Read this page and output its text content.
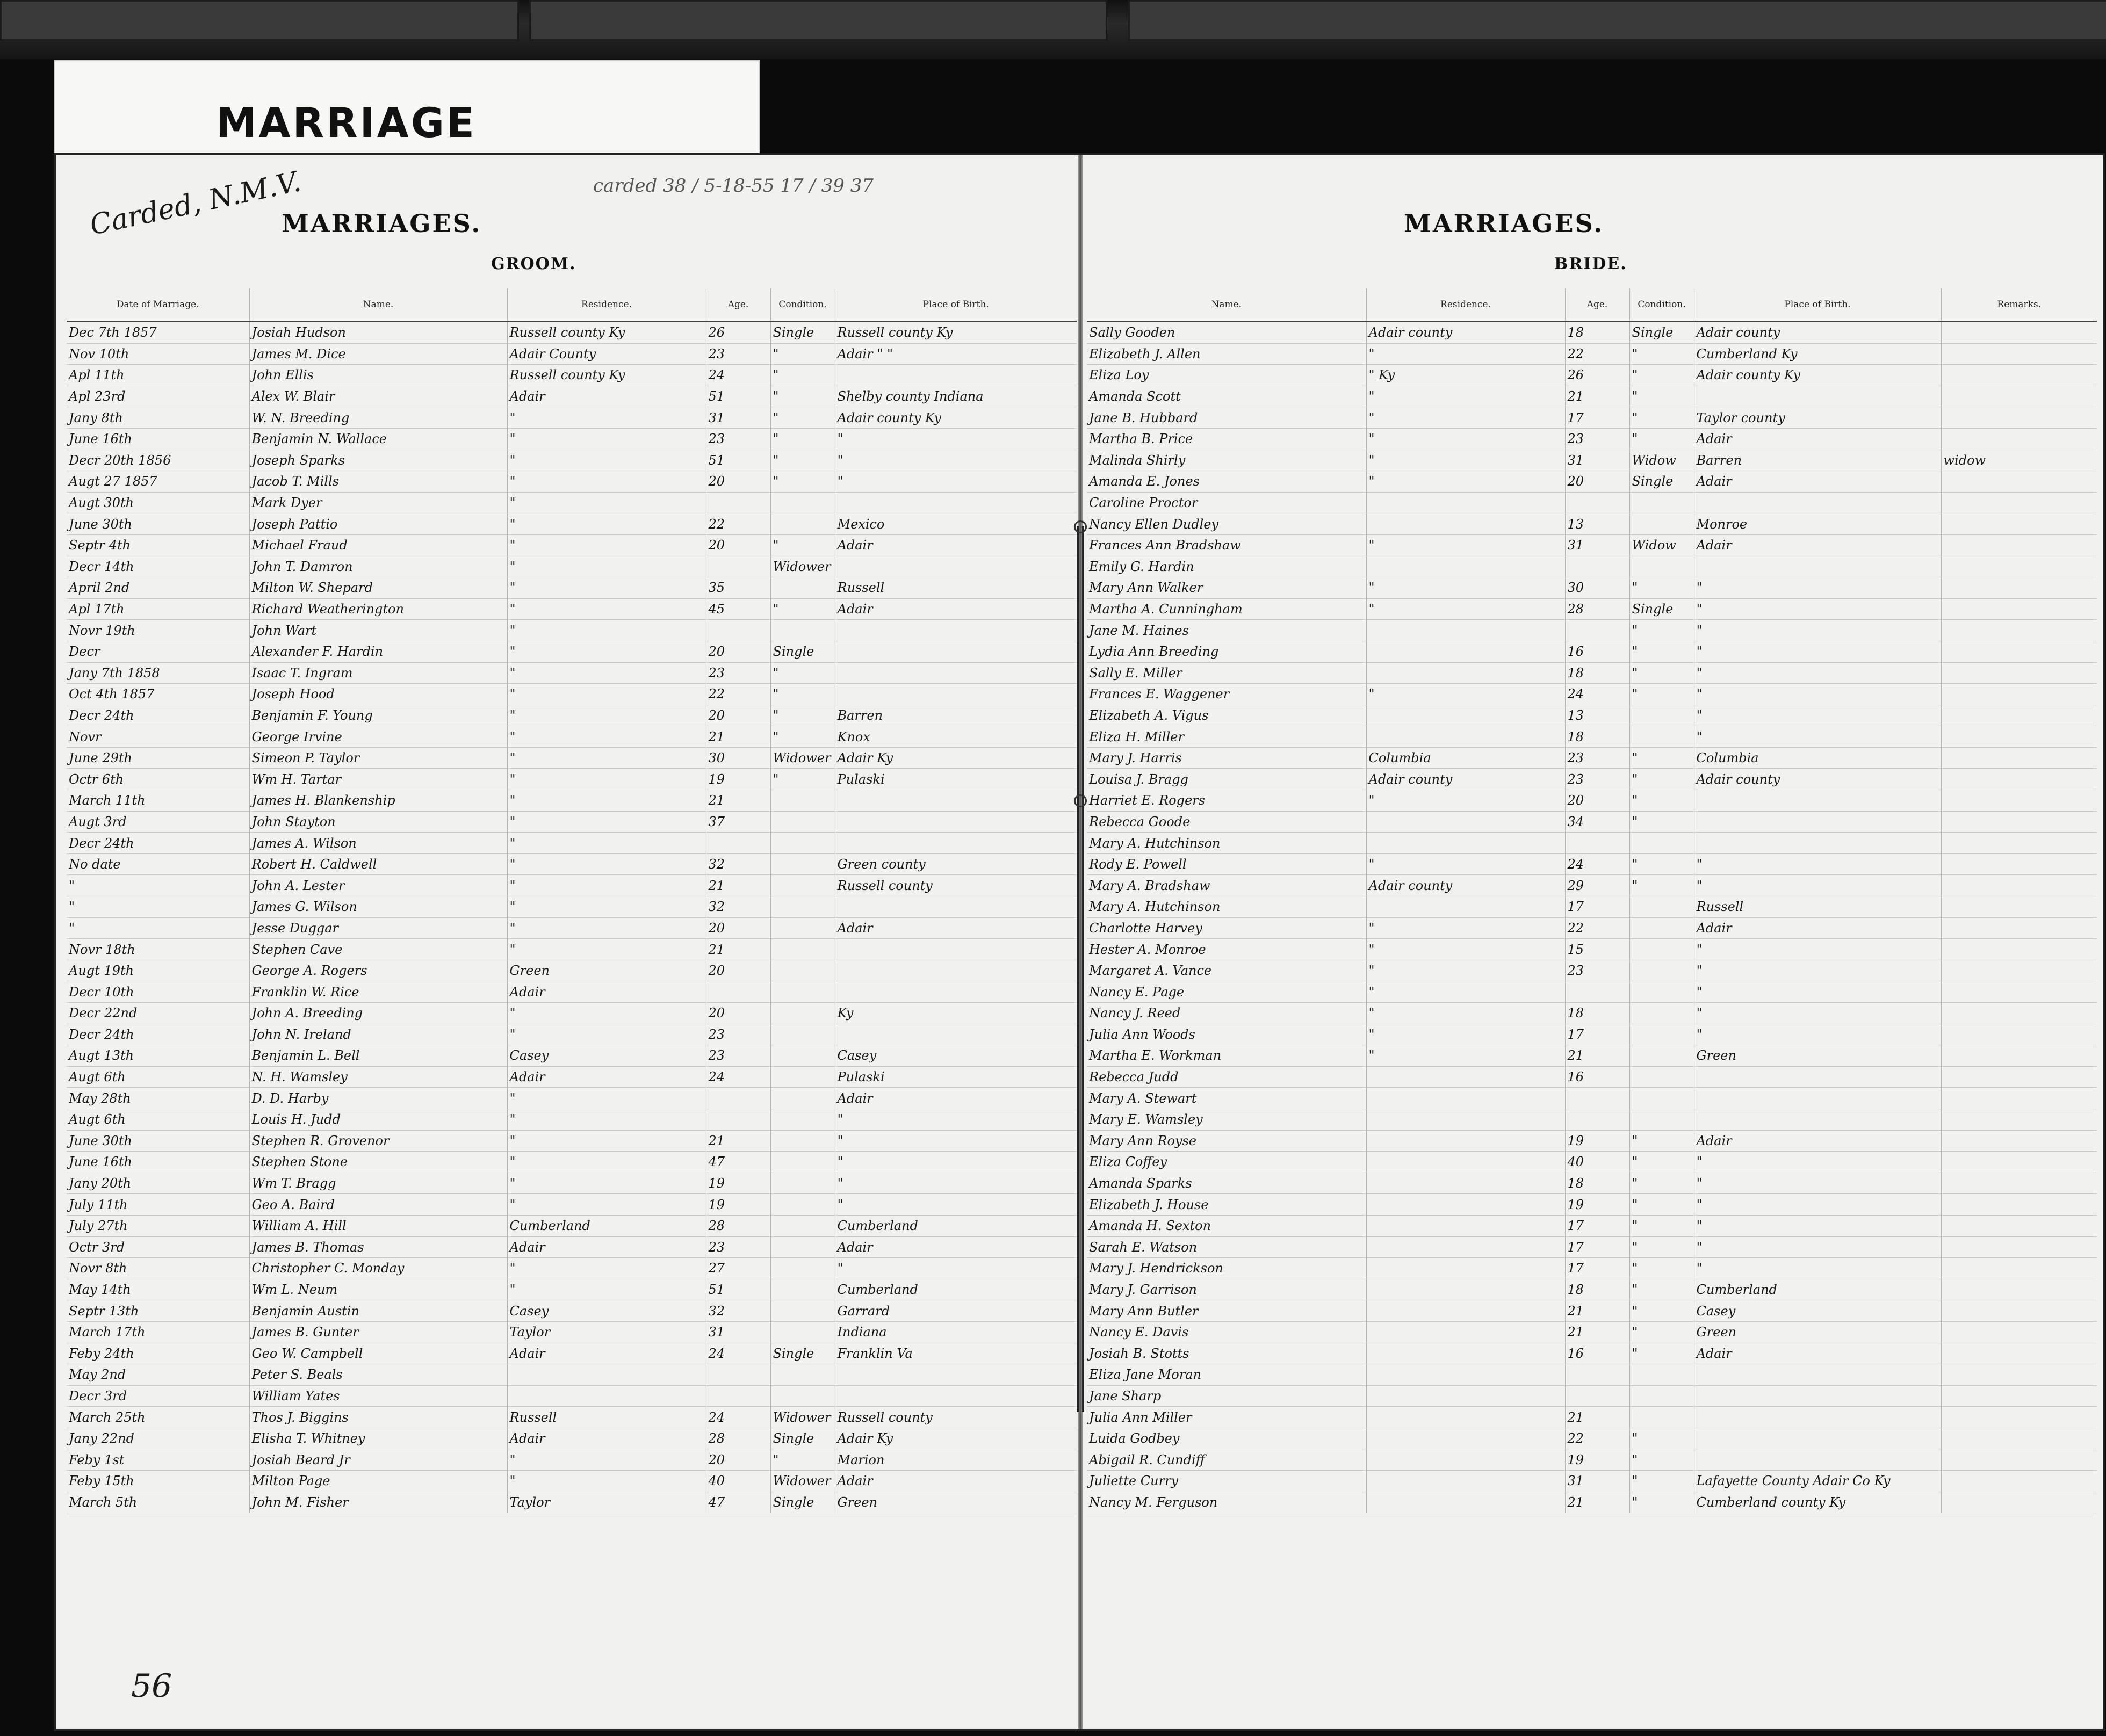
MARRIAGE
Carded, N.M.V.	carded 38 / 5-18-55 17 / 39 37
MARRIAGES.
GROOM.
Date of Marriage.	Name.	Residence.	Age.	Condition.	Place of Birth.
Dec 7th 1857	Josiah Hudson	Russell county Ky	26	Single	Russell county Ky
Nov 10th	James M. Dice	Adair County	23	"	Adair " "
Apl 11th	John Ellis	Russell county Ky	24	"	
Apl 23rd	Alex W. Blair	Adair	51	"	Shelby county Indiana
Jany 8th	W. N. Breeding	"	31	"	Adair county Ky
June 16th	Benjamin N. Wallace	"	23	"	"
Decr 20th 1856	Joseph Sparks	"	51	"	"
Augt 27 1857	Jacob T. Mills	"	20	"	"
Augt 30th	Mark Dyer	"			
June 30th	Joseph Pattio	"	22		Mexico
Septr 4th	Michael Fraud	"	20	"	Adair
Decr 14th	John T. Damron	"		Widower	
April 2nd	Milton W. Shepard	"	35		Russell
Apl 17th	Richard Weatherington	"	45	"	Adair
Novr 19th	John Wart	"			
Decr	Alexander F. Hardin	"	20	Single	
Jany 7th 1858	Isaac T. Ingram	"	23	"	
Oct 4th 1857	Joseph Hood	"	22	"	
Decr 24th	Benjamin F. Young	"	20	"	Barren
Novr	George Irvine	"	21	"	Knox
June 29th	Simeon P. Taylor	"	30	Widower	Adair Ky
Octr 6th	Wm H. Tartar	"	19	"	Pulaski
March 11th	James H. Blankenship	"	21		
Augt 3rd	John Stayton	"	37		
Decr 24th	James A. Wilson	"			
No date	Robert H. Caldwell	"	32		Green county
"	John A. Lester	"	21		Russell county
"	James G. Wilson	"	32		
"	Jesse Duggar	"	20		Adair
Novr 18th	Stephen Cave	"	21		
Augt 19th	George A. Rogers	Green	20		
Decr 10th	Franklin W. Rice	Adair			
Decr 22nd	John A. Breeding	"	20		Ky
Decr 24th	John N. Ireland	"	23		
Augt 13th	Benjamin L. Bell	Casey	23		Casey
Augt 6th	N. H. Wamsley	Adair	24		Pulaski
May 28th	D. D. Harby	"			Adair
Augt 6th	Louis H. Judd	"			"
June 30th	Stephen R. Grovenor	"	21		"
June 16th	Stephen Stone	"	47		"
Jany 20th	Wm T. Bragg	"	19		"
July 11th	Geo A. Baird	"	19		"
July 27th	William A. Hill	Cumberland	28		Cumberland
Octr 3rd	James B. Thomas	Adair	23		Adair
Novr 8th	Christopher C. Monday	"	27		"
May 14th	Wm L. Neum	"	51		Cumberland
Septr 13th	Benjamin Austin	Casey	32		Garrard
March 17th	James B. Gunter	Taylor	31		Indiana
Feby 24th	Geo W. Campbell	Adair	24	Single	Franklin Va
May 2nd	Peter S. Beals				
Decr 3rd	William Yates				
March 25th	Thos J. Biggins	Russell	24	Widower	Russell county
Jany 22nd	Elisha T. Whitney	Adair	28	Single	Adair Ky
Feby 1st	Josiah Beard Jr	"	20	"	Marion
Feby 15th	Milton Page	"	40	Widower	Adair
March 5th	John M. Fisher	Taylor	47	Single	Green
56
MARRIAGES.
BRIDE.
Name.	Residence.	Age.	Condition.	Place of Birth.	Remarks.
Sally Gooden	Adair county	18	Single	Adair county	
Elizabeth J. Allen	"	22	"	Cumberland Ky	
Eliza Loy	" Ky	26	"	Adair county Ky	
Amanda Scott	"	21	"		
Jane B. Hubbard	"	17	"	Taylor county	
Martha B. Price	"	23	"	Adair	
Malinda Shirly	"	31	Widow	Barren	widow
Amanda E. Jones	"	20	Single	Adair	
Caroline Proctor					
Nancy Ellen Dudley		13		Monroe	
Frances Ann Bradshaw	"	31	Widow	Adair	
Emily G. Hardin					
Mary Ann Walker	"	30	"	"	
Martha A. Cunningham	"	28	Single	"	
Jane M. Haines			"	"	
Lydia Ann Breeding		16	"	"	
Sally E. Miller		18	"	"	
Frances E. Waggener	"	24	"	"	
Elizabeth A. Vigus		13		"	
Eliza H. Miller		18		"	
Mary J. Harris	Columbia	23	"	Columbia	
Louisa J. Bragg	Adair county	23	"	Adair county	
Harriet E. Rogers	"	20	"		
Rebecca Goode		34	"		
Mary A. Hutchinson					
Rody E. Powell	"	24	"	"	
Mary A. Bradshaw	Adair county	29	"	"	
Mary A. Hutchinson		17		Russell	
Charlotte Harvey	"	22		Adair	
Hester A. Monroe	"	15		"	
Margaret A. Vance	"	23		"	
Nancy E. Page	"			"	
Nancy J. Reed	"	18		"	
Julia Ann Woods	"	17		"	
Martha E. Workman	"	21		Green	
Rebecca Judd		16			
Mary A. Stewart					
Mary E. Wamsley					
Mary Ann Royse		19	"	Adair	
Eliza Coffey		40	"	"	
Amanda Sparks		18	"	"	
Elizabeth J. House		19	"	"	
Amanda H. Sexton		17	"	"	
Sarah E. Watson		17	"	"	
Mary J. Hendrickson		17	"	"	
Mary J. Garrison		18	"	Cumberland	
Mary Ann Butler		21	"	Casey	
Nancy E. Davis		21	"	Green	
Josiah B. Stotts		16	"	Adair	
Eliza Jane Moran					
Jane Sharp					
Julia Ann Miller		21			
Luida Godbey		22	"		
Abigail R. Cundiff		19	"		
Juliette Curry		31	"	Lafayette County Adair Co Ky	
Nancy M. Ferguson		21	"	Cumberland county Ky	
